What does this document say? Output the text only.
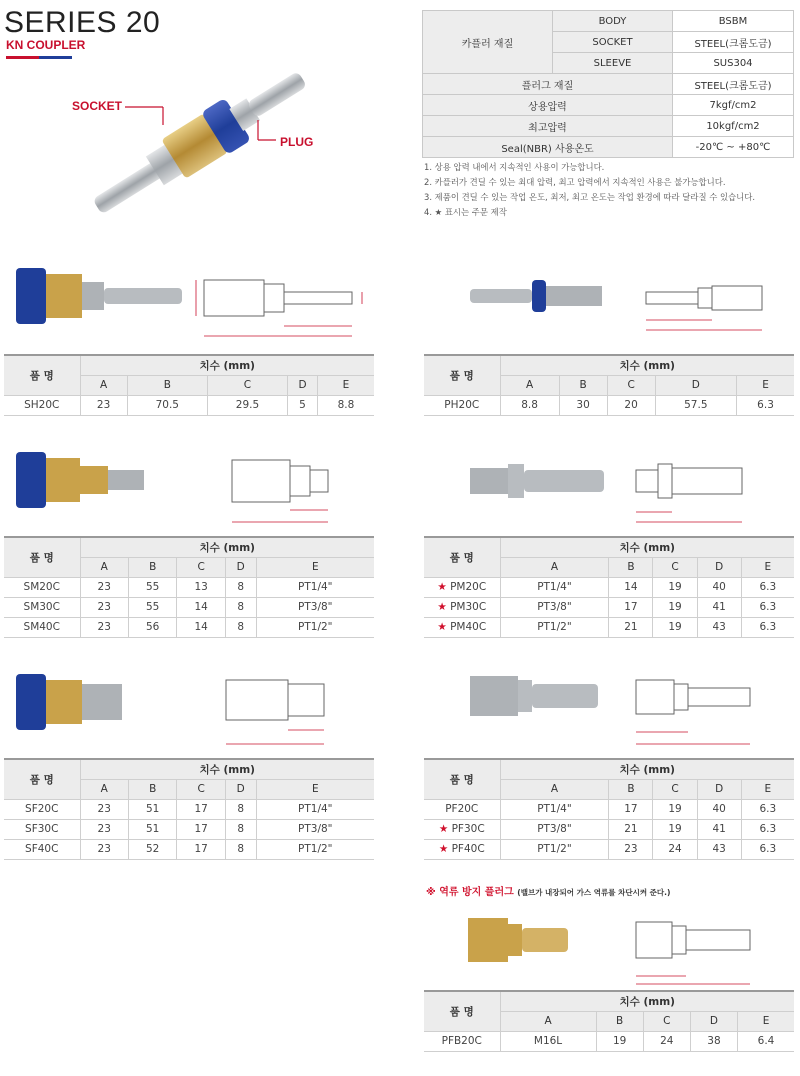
SERIES 20
KN COUPLER
SOCKET
PLUG
카플러 재질	BODY	BSBM
	SOCKET	STEEL(크롬도금)
	SLEEVE	SUS304
플러그 재질		STEEL(크롬도금)
상용압력		7kgf/cm2
최고압력		10kgf/cm2
Seal(NBR) 사용온도		-20℃ ~ +80℃
1. 상용 압력 내에서 지속적인 사용이 가능합니다.
2. 카플러가 견딜 수 있는 최대 압력, 최고 압력에서 지속적인 사용은 불가능합니다.
3. 제품이 견딜 수 있는 작업 온도, 최저, 최고 온도는 작업 환경에 따라 달라질 수 있습니다.
4. ★ 표시는 주문 제작
※ 역류 방지 플러그 (밸브가 내장되어 가스 역류를 차단시켜 준다.)
품 명	치수 (mm)				
	A	B	C	D	E
SH20C	23	70.5	29.5	5	8.8
품 명	치수 (mm)				
	A	B	C	D	E
PH20C	8.8	30	20	57.5	6.3
품 명	치수 (mm)				
	A	B	C	D	E
SM20C	23	55	13	8	PT1/4"
SM30C	23	55	14	8	PT3/8"
SM40C	23	56	14	8	PT1/2"
품 명	치수 (mm)				
	A	B	C	D	E
★ PM20C	PT1/4"	14	19	40	6.3
★ PM30C	PT3/8"	17	19	41	6.3
★ PM40C	PT1/2"	21	19	43	6.3
품 명	치수 (mm)				
	A	B	C	D	E
SF20C	23	51	17	8	PT1/4"
SF30C	23	51	17	8	PT3/8"
SF40C	23	52	17	8	PT1/2"
품 명	치수 (mm)				
	A	B	C	D	E
PF20C	PT1/4"	17	19	40	6.3
★ PF30C	PT3/8"	21	19	41	6.3
★ PF40C	PT1/2"	23	24	43	6.3
품 명	치수 (mm)				
	A	B	C	D	E
PFB20C	M16L	19	24	38	6.4
